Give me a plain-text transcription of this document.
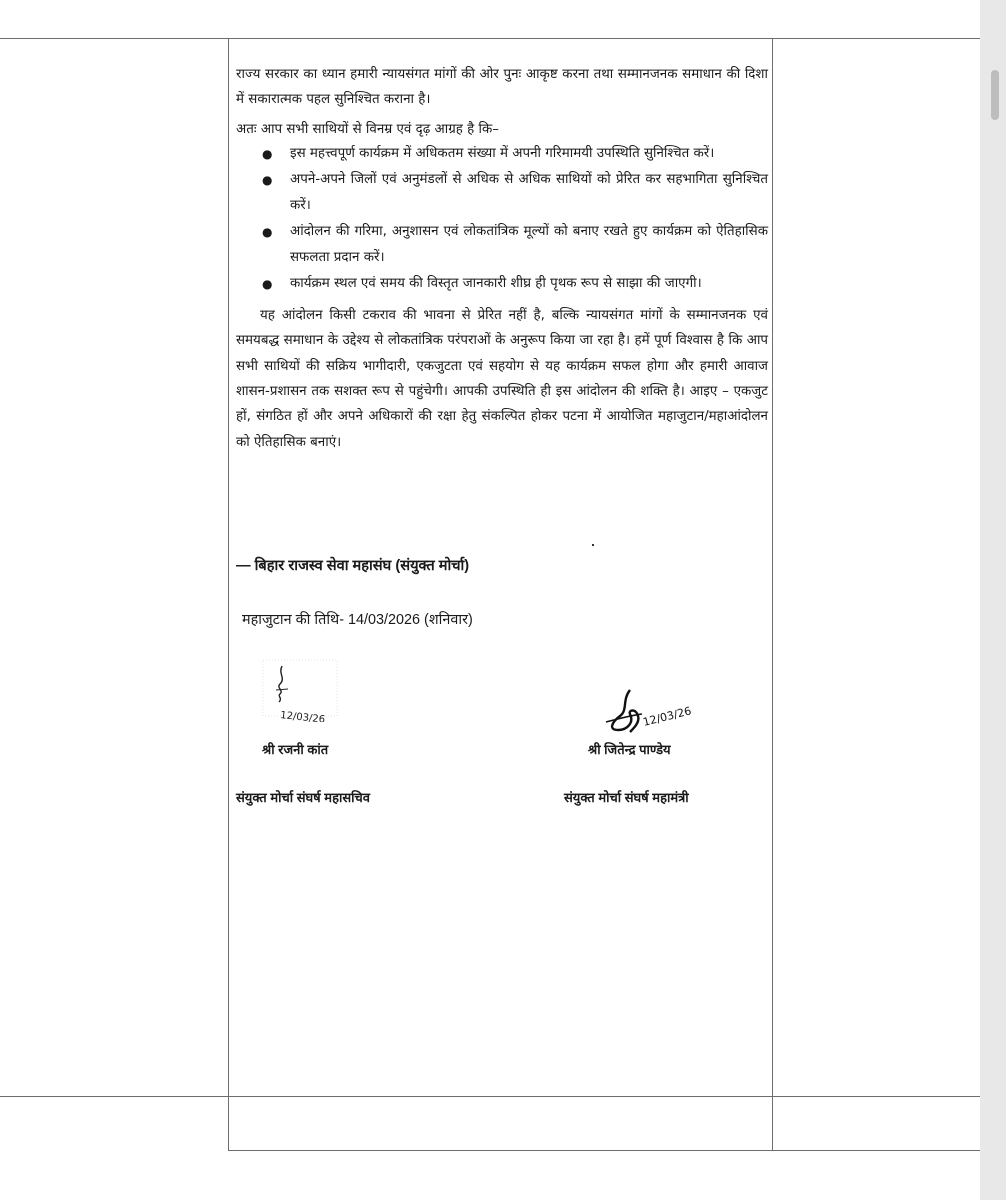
राज्य सरकार का ध्यान हमारी न्यायसंगत मांगों की ओर पुनः आकृष्ट करना तथा सम्मानजनक समाधान की दिशा में सकारात्मक पहल सुनिश्चित कराना है।

अतः आप सभी साथियों से विनम्र एवं दृढ़ आग्रह है कि–
● इस महत्त्वपूर्ण कार्यक्रम में अधिकतम संख्या में अपनी गरिमामयी उपस्थिति सुनिश्चित करें।
● अपने-अपने जिलों एवं अनुमंडलों से अधिक से अधिक साथियों को प्रेरित कर सहभागिता सुनिश्चित करें।
● आंदोलन की गरिमा, अनुशासन एवं लोकतांत्रिक मूल्यों को बनाए रखते हुए कार्यक्रम को ऐतिहासिक सफलता प्रदान करें।
● कार्यक्रम स्थल एवं समय की विस्तृत जानकारी शीघ्र ही पृथक रूप से साझा की जाएगी।

यह आंदोलन किसी टकराव की भावना से प्रेरित नहीं है, बल्कि न्यायसंगत मांगों के सम्मानजनक एवं समयबद्ध समाधान के उद्देश्य से लोकतांत्रिक परंपराओं के अनुरूप किया जा रहा है। हमें पूर्ण विश्वास है कि आप सभी साथियों की सक्रिय भागीदारी, एकजुटता एवं सहयोग से यह कार्यक्रम सफल होगा और हमारी आवाज शासन-प्रशासन तक सशक्त रूप से पहुंचेगी। आपकी उपस्थिति ही इस आंदोलन की शक्ति है। आइए – एकजुट हों, संगठित हों और अपने अधिकारों की रक्षा हेतु संकल्पित होकर पटना में आयोजित महाजुटान/महाआंदोलन को ऐतिहासिक बनाएं।

— बिहार राजस्व सेवा महासंघ (संयुक्त मोर्चा)
महाजुटान की तिथि- 14/03/2026 (शनिवार)
12/03/26
श्री रजनी कांत
संयुक्त मोर्चा संघर्ष महासचिव
12/03/26
श्री जितेन्द्र पाण्डेय
संयुक्त मोर्चा संघर्ष महामंत्री
